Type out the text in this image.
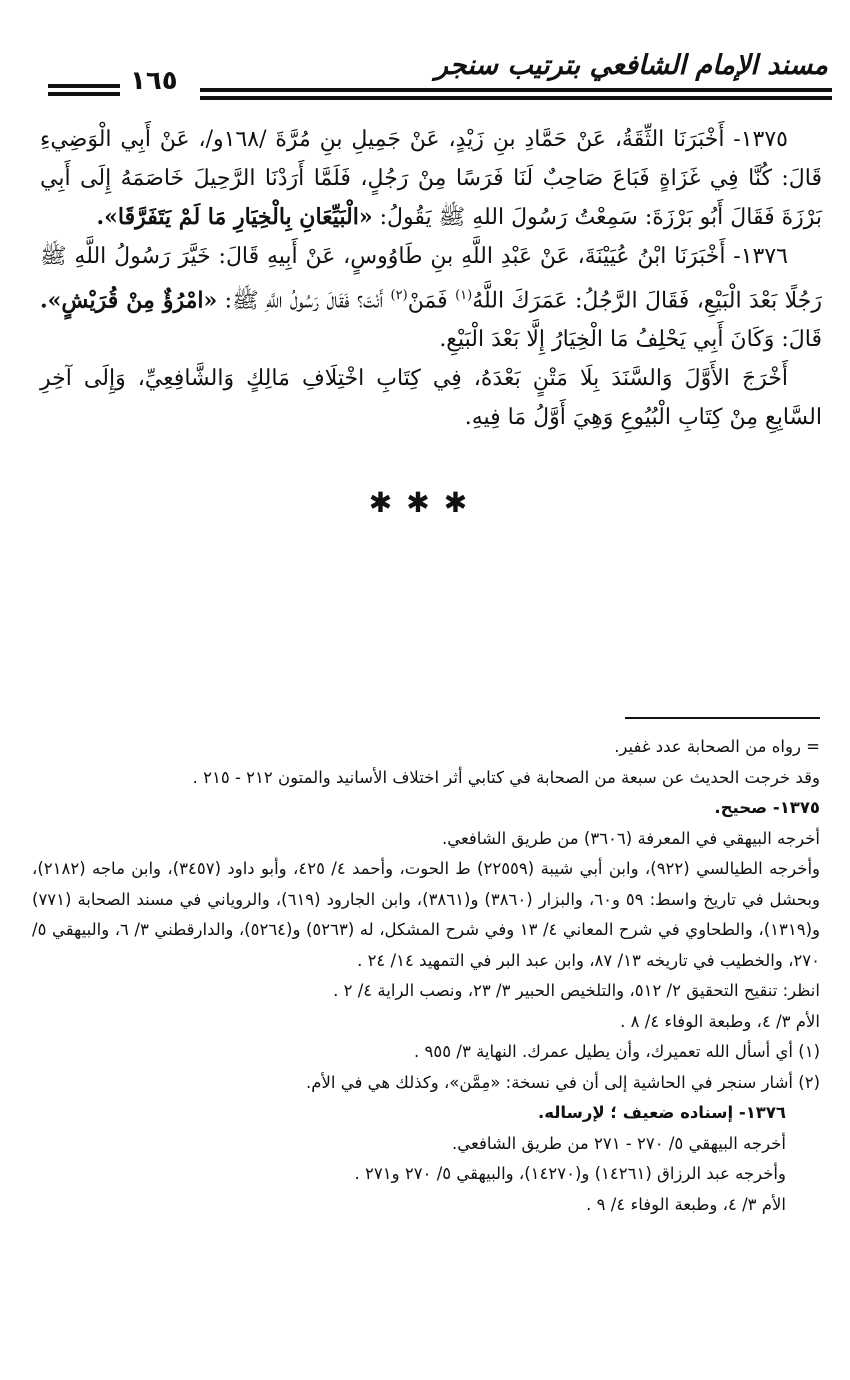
مسند الإمام الشافعي بترتيب سنجر
١٦٥

١٣٧٥- أَخْبَرَنَا الثِّقَةُ، عَنْ حَمَّادِ بنِ زَيْدٍ، عَنْ جَمِيلِ بنِ مُرَّةَ /١٦٨و/، عَنْ أَبِي الْوَضِيءِ قَالَ: كُنَّا فِي غَزَاةٍ فَبَاعَ صَاحِبٌ لَنَا فَرَسًا مِنْ رَجُلٍ، فَلَمَّا أَرَدْنَا الرَّحِيلَ خَاصَمَهُ إِلَى أَبِي بَرْزَةَ فَقَالَ أَبُو بَرْزَةَ: سَمِعْتُ رَسُولَ اللهِ ﷺ يَقُولُ: «الْبَيِّعَانِ بِالْخِيَارِ مَا لَمْ يَتَفَرَّقَا».

١٣٧٦- أَخْبَرَنَا ابْنُ عُيَيْنَةَ، عَنْ عَبْدِ اللَّهِ بنِ طَاوُوسٍ، عَنْ أَبِيهِ قَالَ: خَيَّرَ رَسُولُ اللَّهِ ﷺ رَجُلًا بَعْدَ الْبَيْعِ، فَقَالَ الرَّجُلُ: عَمَرَكَ اللَّهُ$^{(١)}$ فَمَنْ$^{(٢)}$ أَنْتَ؟ فَقَالَ رَسُولُ اللَّهِ ﷺ: «امْرُؤٌ مِنْ قُرَيْشٍ». قَالَ: وَكَانَ أَبِي يَحْلِفُ مَا الْخِيَارُ إِلَّا بَعْدَ الْبَيْعِ.

أَخْرَجَ الأَوَّلَ وَالسَّنَدَ بِلَا مَتْنٍ بَعْدَهُ، فِي كِتَابِ اخْتِلَافِ مَالِكٍ وَالشَّافِعِيِّ، وَإِلَى آخِرِ السَّابِعِ مِنْ كِتَابِ الْبُيُوعِ وَهِيَ أَوَّلُ مَا فِيهِ.

✱✱✱

= رواه من الصحابة عدد غفير.

وقد خرجت الحديث عن سبعة من الصحابة في كتابي أثر اختلاف الأسانيد والمتون ٢١٢ - ٢١٥ .

١٣٧٥- صحيح.

أخرجه البيهقي في المعرفة (٣٦٠٦) من طريق الشافعي.

وأخرجه الطيالسي (٩٢٢)، وابن أبي شيبة (٢٢٥٥٩) ط الحوت، وأحمد ٤/ ٤٢٥، وأبو داود (٣٤٥٧)، وابن ماجه (٢١٨٢)، وبحشل في تاريخ واسط: ٥٩ و٦٠، والبزار (٣٨٦٠) و(٣٨٦١)، وابن الجارود (٦١٩)، والروياني في مسند الصحابة (٧٧١) و(١٣١٩)، والطحاوي في شرح المعاني ٤/ ١٣ وفي شرح المشكل، له (٥٢٦٣) و(٥٢٦٤)، والدارقطني ٣/ ٦، والبيهقي ٥/ ٢٧٠، والخطيب في تاريخه ١٣/ ٨٧، وابن عبد البر في التمهيد ١٤/ ٢٤ .

انظر: تنقيح التحقيق ٢/ ٥١٢، والتلخيص الحبير ٣/ ٢٣، ونصب الراية ٤/ ٢ .

الأم ٣/ ٤، وطبعة الوفاء ٤/ ٨ .

(١) أي أسأل الله تعميرك، وأن يطيل عمرك. النهاية ٣/ ٩٥٥ .

(٢) أشار سنجر في الحاشية إلى أن في نسخة: «مِمَّن»، وكذلك هي في الأم.

١٣٧٦- إسناده ضعيف ؛ لإرساله.

أخرجه البيهقي ٥/ ٢٧٠ - ٢٧١ من طريق الشافعي.

وأخرجه عبد الرزاق (١٤٢٦١) و(١٤٢٧٠)، والبيهقي ٥/ ٢٧٠ و٢٧١ .

الأم ٣/ ٤، وطبعة الوفاء ٤/ ٩ .
